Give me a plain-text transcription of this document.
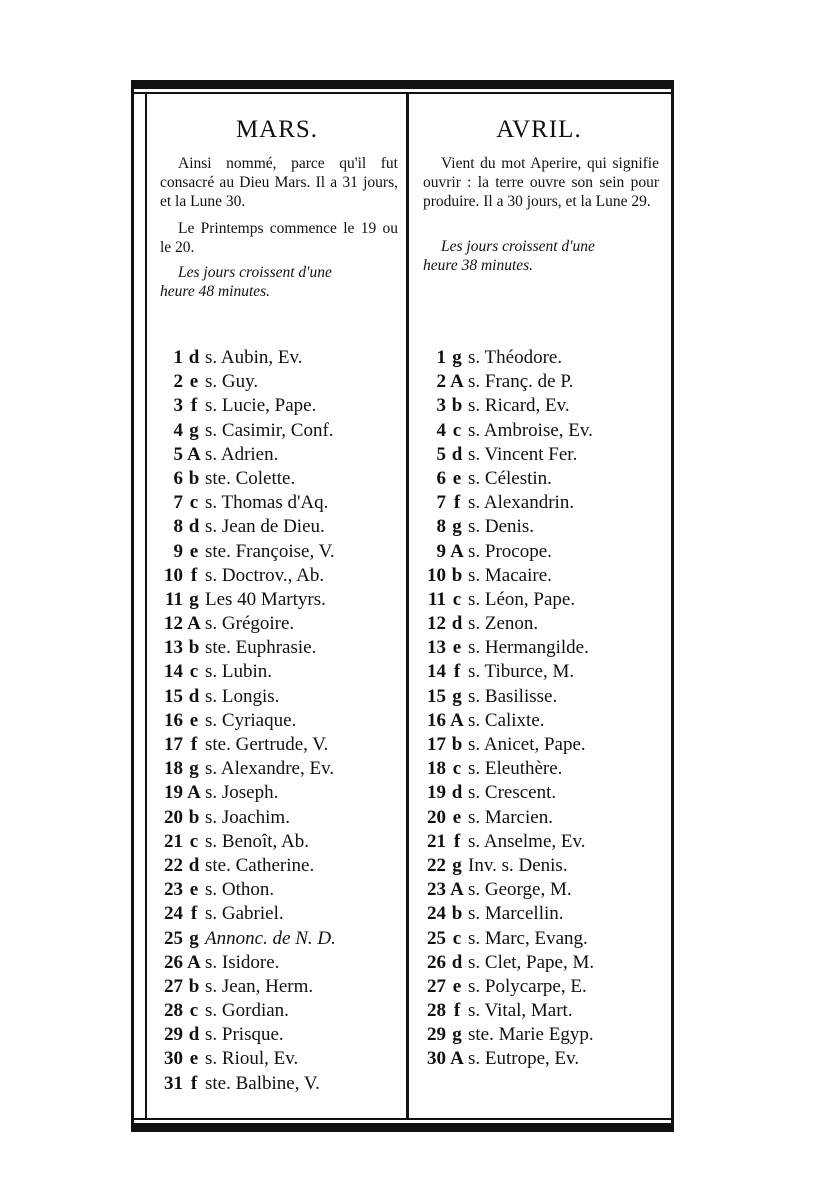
MARS.

Ainsi nommé, parce qu'il fut consacré au Dieu Mars. Il a 31 jours, et la Lune 30.

Le Printemps commence le 19 ou le 20.

Les jours croissent d'une
heure 48 minutes.
1 d s. Aubin, Ev.
2 e s. Guy.
3 f s. Lucie, Pape.
4 g s. Casimir, Conf.
5 A s. Adrien.
6 b ste. Colette.
7 c s. Thomas d'Aq.
8 d s. Jean de Dieu.
9 e ste. Françoise, V.
10 f s. Doctrov., Ab.
11 g Les 40 Martyrs.
12 A s. Grégoire.
13 b ste. Euphrasie.
14 c s. Lubin.
15 d s. Longis.
16 e s. Cyriaque.
17 f ste. Gertrude, V.
18 g s. Alexandre, Ev.
19 A s. Joseph.
20 b s. Joachim.
21 c s. Benoît, Ab.
22 d ste. Catherine.
23 e s. Othon.
24 f s. Gabriel.
25 g Annonc. de N. D.
26 A s. Isidore.
27 b s. Jean, Herm.
28 c s. Gordian.
29 d s. Prisque.
30 e s. Rioul, Ev.
31 f ste. Balbine, V.
AVRIL.

Vient du mot Aperire, qui signifie ouvrir : la terre ouvre son sein pour produire. Il a 30 jours, et la Lune 29.

Les jours croissent d'une
heure 38 minutes.
1 g s. Théodore.
2 A s. Franç. de P.
3 b s. Ricard, Ev.
4 c s. Ambroise, Ev.
5 d s. Vincent Fer.
6 e s. Célestin.
7 f s. Alexandrin.
8 g s. Denis.
9 A s. Procope.
10 b s. Macaire.
11 c s. Léon, Pape.
12 d s. Zenon.
13 e s. Hermangilde.
14 f s. Tiburce, M.
15 g s. Basilisse.
16 A s. Calixte.
17 b s. Anicet, Pape.
18 c s. Eleuthère.
19 d s. Crescent.
20 e s. Marcien.
21 f s. Anselme, Ev.
22 g Inv. s. Denis.
23 A s. George, M.
24 b s. Marcellin.
25 c s. Marc, Evang.
26 d s. Clet, Pape, M.
27 e s. Polycarpe, E.
28 f s. Vital, Mart.
29 g ste. Marie Egyp.
30 A s. Eutrope, Ev.
